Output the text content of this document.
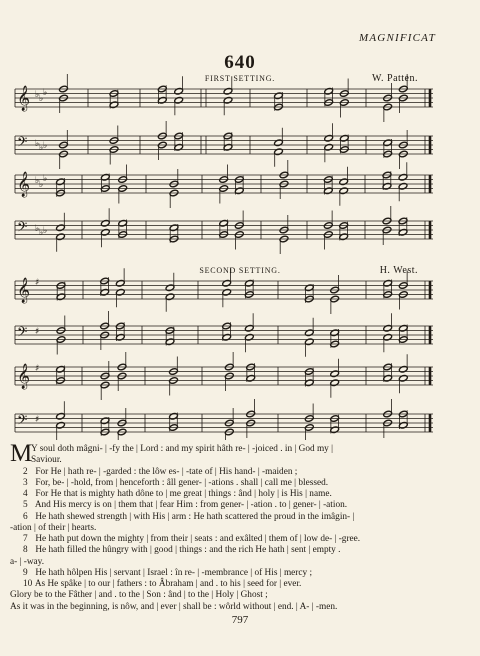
MAGNIFICAT
640
FIRST SETTING.	W. Patten.
SECOND SETTING.	H. West.
𝄞 ♭ ♭
♭
𝄢 ♭ ♭ ♭
𝄞 ♭ ♭
♭
𝄢 ♭ ♭ ♭
𝄞 ♯
𝄢 ♯
𝄞 ♯
𝄢 ♯
M
Y soul doth mâgni- | -fy the | Lord : and my spirit hâth re- | -joiced . in | God my |
Saviour.
2 For He | hath re- | -garded : the lôw es- | -tate of | His hand- | -maiden ;
3 For, be- | -hold, from | henceforth : âll gener- | -ations . shall | call me | blessed.
4 For He that is mighty hath dône to | me great | things : ând | holy | is His | name.
5 And His mercy is on | them that | fear Him : from gener- | -ation . to | gener- | -ation.
6 He hath shewed strength | with His | arm : He hath scattered the proud in the imâgin- |
-ation | of their | hearts.
7 He hath put down the mighty | from their | seats : and exâlted | them of | low de- | -gree.
8 He hath filled the hûngry with | good | things : and the rich He hath | sent | empty .
a- | -way.
9 He hath hôlpen His | servant | Israel : în re- | -membrance | of His | mercy ;
10 As He spâke | to our | fathers : to Âbraham | and . to his | seed for | ever.
Glory be to the Fâther | and . to the | Son : ând | to the | Holy | Ghost ;
As it was in the beginning, is nôw, and | ever | shall be : wôrld without | end. | A- | -men.
797
